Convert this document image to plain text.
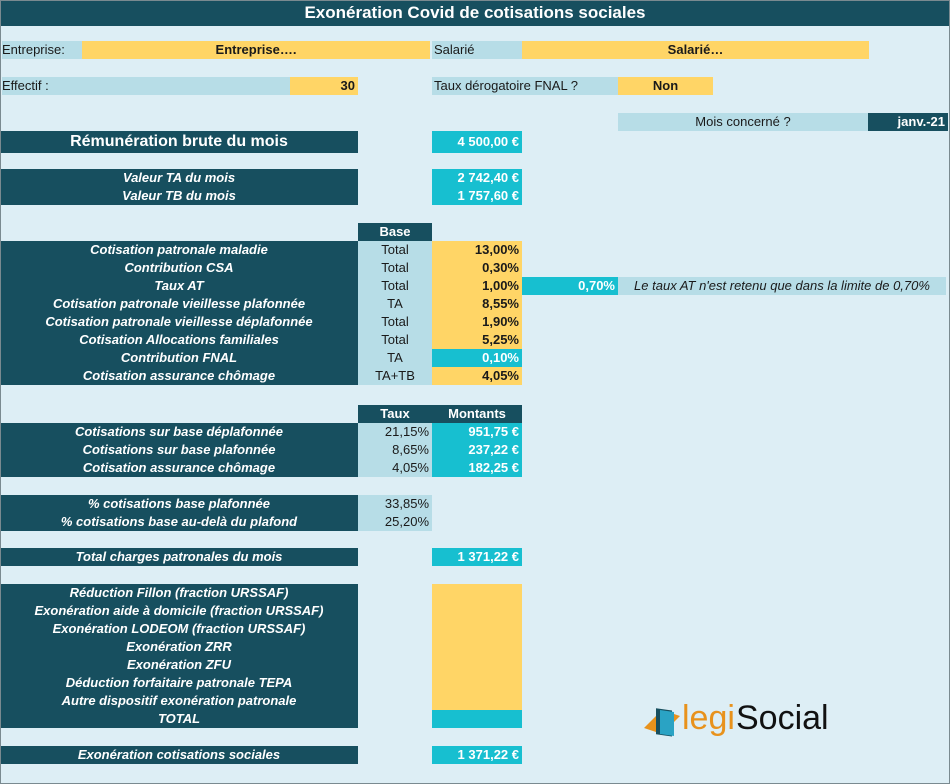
Exonération Covid de cotisations sociales
Entreprise:	Entreprise….	Salarié	Salarié…
Effectif :	30	Taux dérogatoire FNAL ?	Non
Mois concerné ?	janv.-21
Rémunération brute du mois	4 500,00 €
Valeur TA du mois	2 742,40 €
Valeur TB du mois	1 757,60 €
Base
Cotisation patronale maladie	Total	13,00%
Contribution CSA	Total	0,30%
Taux AT	Total	1,00%	0,70%	Le taux AT n'est retenu que dans la limite de 0,70%
Cotisation patronale vieillesse plafonnée	TA	8,55%
Cotisation patronale vieillesse déplafonnée	Total	1,90%
Cotisation Allocations familiales	Total	5,25%
Contribution FNAL	TA	0,10%
Cotisation assurance chômage	TA+TB	4,05%
Taux	Montants
Cotisations sur base déplafonnée	21,15%	951,75 €
Cotisations sur base plafonnée	8,65%	237,22 €
Cotisation assurance chômage	4,05%	182,25 €
% cotisations base plafonnée	33,85%
% cotisations base au-delà du plafond	25,20%
Total charges patronales du mois	1 371,22 €
Réduction Fillon (fraction URSSAF)
Exonération aide à domicile (fraction URSSAF)
Exonération LODEOM (fraction URSSAF)
Exonération ZRR
Exonération ZFU
Déduction forfaitaire patronale TEPA
Autre dispositif exonération patronale
TOTAL
Exonération cotisations sociales	1 371,22 €
legi Social
